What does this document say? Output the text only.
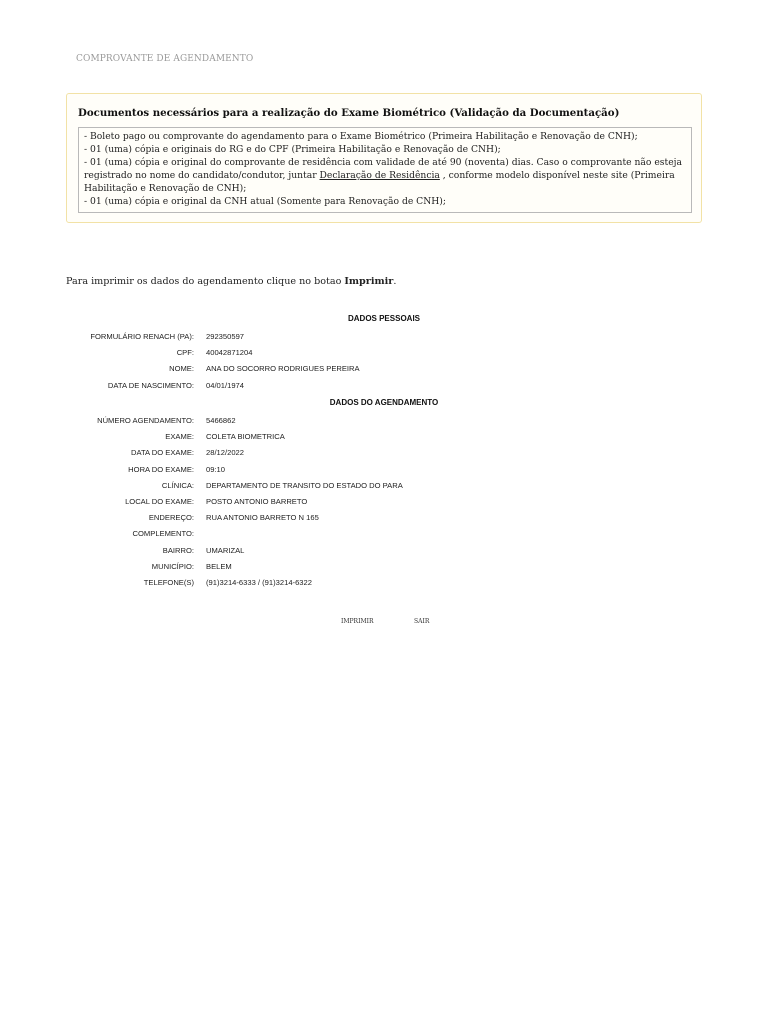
COMPROVANTE DE AGENDAMENTO
Documentos necessários para a realização do Exame Biométrico (Validação da Documentação)
- Boleto pago ou comprovante do agendamento para o Exame Biométrico (Primeira Habilitação e Renovação de CNH);
- 01 (uma) cópia e originais do RG e do CPF (Primeira Habilitação e Renovação de CNH);
- 01 (uma) cópia e original do comprovante de residência com validade de até 90 (noventa) dias. Caso o comprovante não esteja registrado no nome do candidato/condutor, juntar Declaração de Residência , conforme modelo disponível neste site (Primeira Habilitação e Renovação de CNH);
- 01 (uma) cópia e original da CNH atual (Somente para Renovação de CNH);
Para imprimir os dados do agendamento clique no botao Imprimir.
DADOS PESSOAIS
FORMULÁRIO RENACH (PA): 292350597
CPF: 40042871204
NOME: ANA DO SOCORRO RODRIGUES PEREIRA
DATA DE NASCIMENTO: 04/01/1974
DADOS DO AGENDAMENTO
NÚMERO AGENDAMENTO: 5466862
EXAME: COLETA BIOMETRICA
DATA DO EXAME: 28/12/2022
HORA DO EXAME: 09:10
CLÍNICA: DEPARTAMENTO DE TRANSITO DO ESTADO DO PARA
LOCAL DO EXAME: POSTO ANTONIO BARRETO
ENDEREÇO: RUA ANTONIO BARRETO N 165
COMPLEMENTO:
BAIRRO: UMARIZAL
MUNICÍPIO: BELEM
TELEFONE(S) (91)3214-6333 / (91)3214-6322
IMPRIMIR	SAIR
